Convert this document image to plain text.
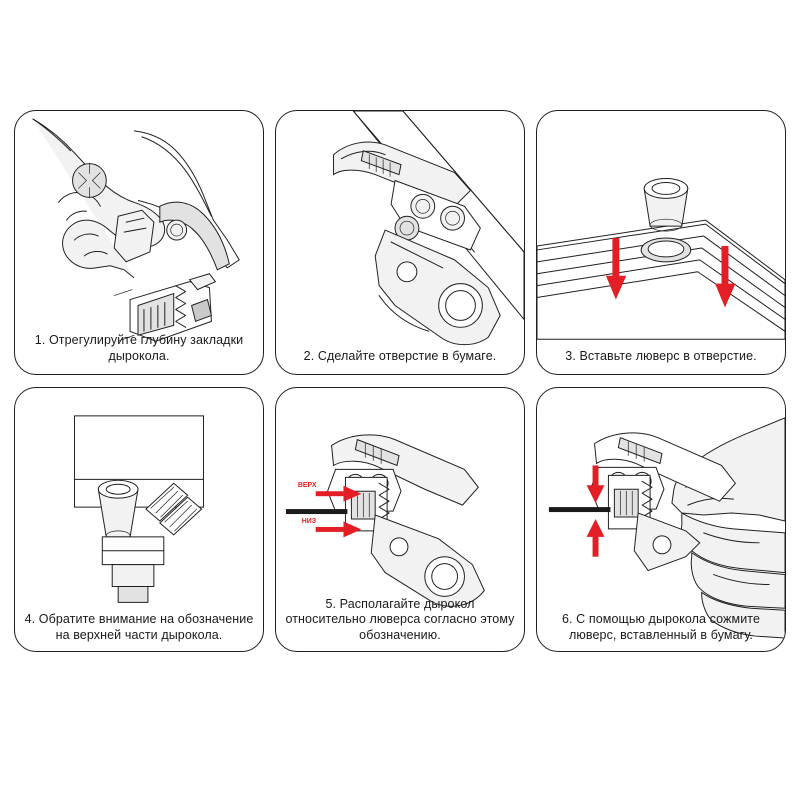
1. Отрегулируйте глубину закладки дырокола.	2. Сделайте отверстие в бумаге.	3. Вставьте люверс в отверстие.
4. Обратите внимание на обозначение на верхней части дырокола.
ВЕРХ
НИЗ
5. Располагайте дырокол относительно люверса согласно этому обозначению.
6. С помощью дырокола сожмите люверс, вставленный в бумагу.
